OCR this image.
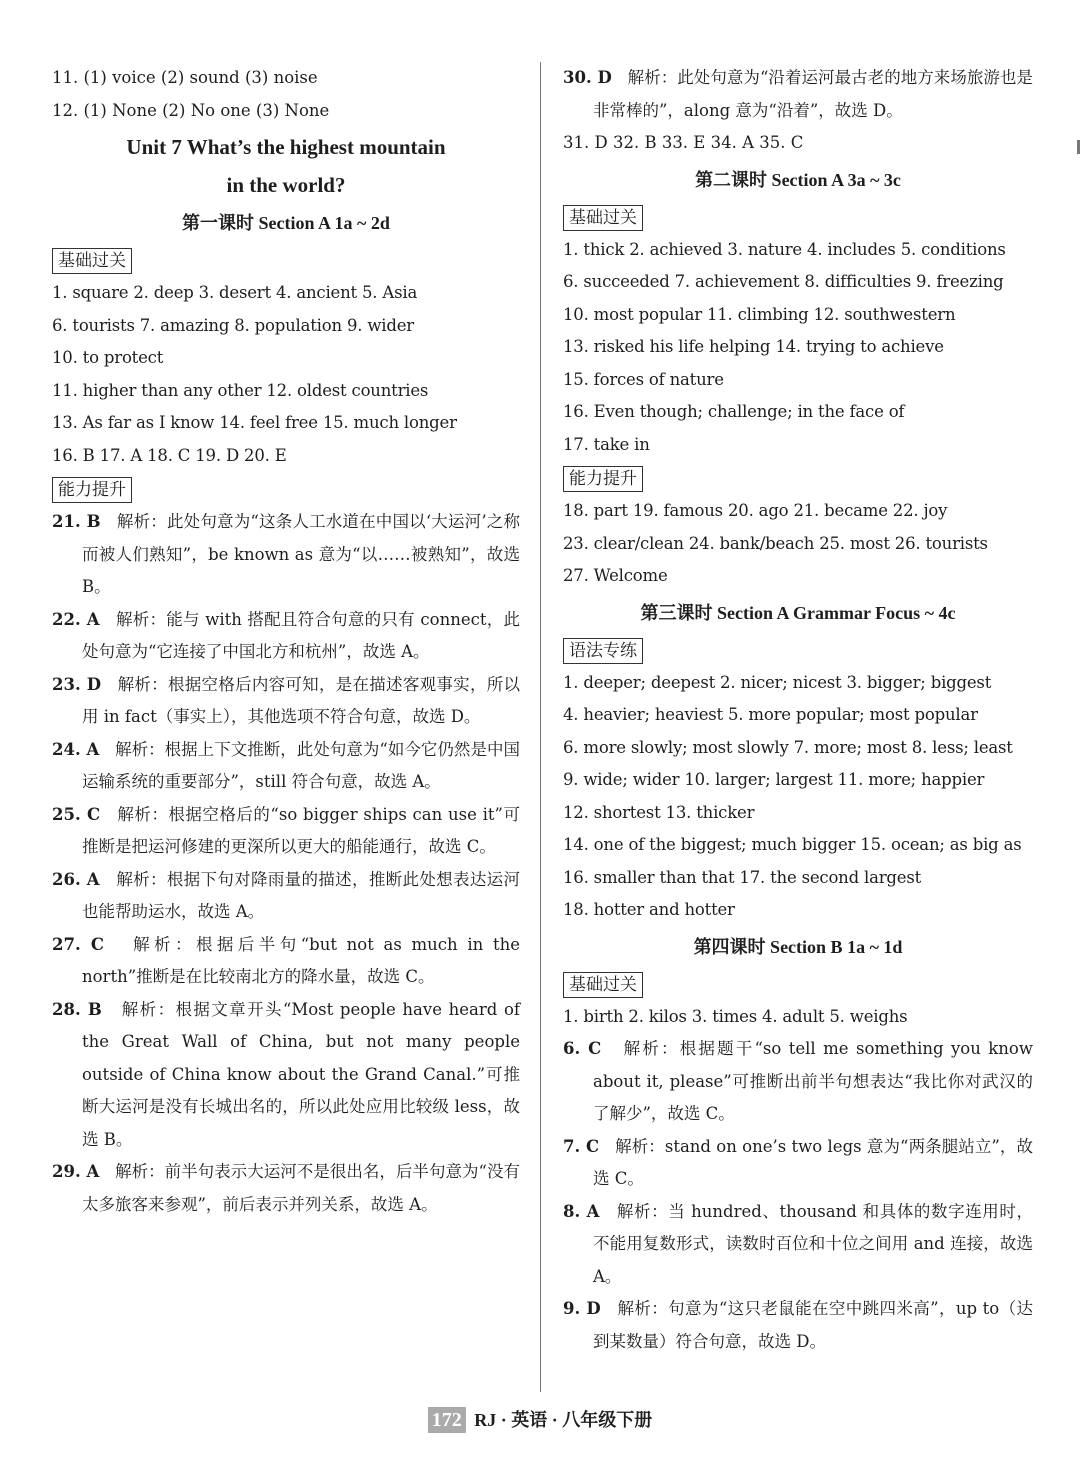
11. (1) voice (2) sound (3) noise
12. (1) None (2) No one (3) None
Unit 7 What’s the highest mountain
in the world?
第一课时 Section A 1a ~ 2d
基础过关
1. square 2. deep 3. desert 4. ancient 5. Asia
6. tourists 7. amazing 8. population 9. wider
10. to protect
11. higher than any other 12. oldest countries
13. As far as I know 14. feel free 15. much longer
16. B 17. A 18. C 19. D 20. E
能力提升
21. B 解析：此处句意为“这条人工水道在中国以‘大运河’之称而被人们熟知”，be known as 意为“以……被熟知”，故选 B。
22. A 解析：能与 with 搭配且符合句意的只有 connect，此处句意为“它连接了中国北方和杭州”，故选 A。
23. D 解析：根据空格后内容可知，是在描述客观事实，所以用 in fact（事实上），其他选项不符合句意，故选 D。
24. A 解析：根据上下文推断，此处句意为“如今它仍然是中国运输系统的重要部分”，still 符合句意，故选 A。
25. C 解析：根据空格后的“so bigger ships can use it”可推断是把运河修建的更深所以更大的船能通行，故选 C。
26. A 解析：根据下句对降雨量的描述，推断此处想表达运河也能帮助运水，故选 A。
27. C 解析：根据后半句“but not as much in the north”推断是在比较南北方的降水量，故选 C。
28. B 解析：根据文章开头“Most people have heard of the Great Wall of China, but not many people outside of China know about the Grand Canal.”可推断大运河是没有长城出名的，所以此处应用比较级 less，故选 B。
29. A 解析：前半句表示大运河不是很出名，后半句意为“没有太多旅客来参观”，前后表示并列关系，故选 A。
30. D 解析：此处句意为“沿着运河最古老的地方来场旅游也是非常棒的”，along 意为“沿着”，故选 D。
31. D 32. B 33. E 34. A 35. C
第二课时 Section A 3a ~ 3c
基础过关
1. thick 2. achieved 3. nature 4. includes 5. conditions
6. succeeded 7. achievement 8. difficulties 9. freezing
10. most popular 11. climbing 12. southwestern
13. risked his life helping 14. trying to achieve
15. forces of nature
16. Even though; challenge; in the face of
17. take in
能力提升
18. part 19. famous 20. ago 21. became 22. joy
23. clear/clean 24. bank/beach 25. most 26. tourists
27. Welcome
第三课时 Section A Grammar Focus ~ 4c
语法专练
1. deeper; deepest 2. nicer; nicest 3. bigger; biggest
4. heavier; heaviest 5. more popular; most popular
6. more slowly; most slowly 7. more; most 8. less; least
9. wide; wider 10. larger; largest 11. more; happier
12. shortest 13. thicker
14. one of the biggest; much bigger 15. ocean; as big as
16. smaller than that 17. the second largest
18. hotter and hotter
第四课时 Section B 1a ~ 1d
基础过关
1. birth 2. kilos 3. times 4. adult 5. weighs
6. C 解析：根据题干“so tell me something you know about it, please”可推断出前半句想表达“我比你对武汉的了解少”，故选 C。
7. C 解析：stand on one’s two legs 意为“两条腿站立”，故选 C。
8. A 解析：当 hundred、thousand 和具体的数字连用时，不能用复数形式，读数时百位和十位之间用 and 连接，故选 A。
9. D 解析：句意为“这只老鼠能在空中跳四米高”，up to（达到某数量）符合句意，故选 D。
172 RJ · 英语 · 八年级下册
